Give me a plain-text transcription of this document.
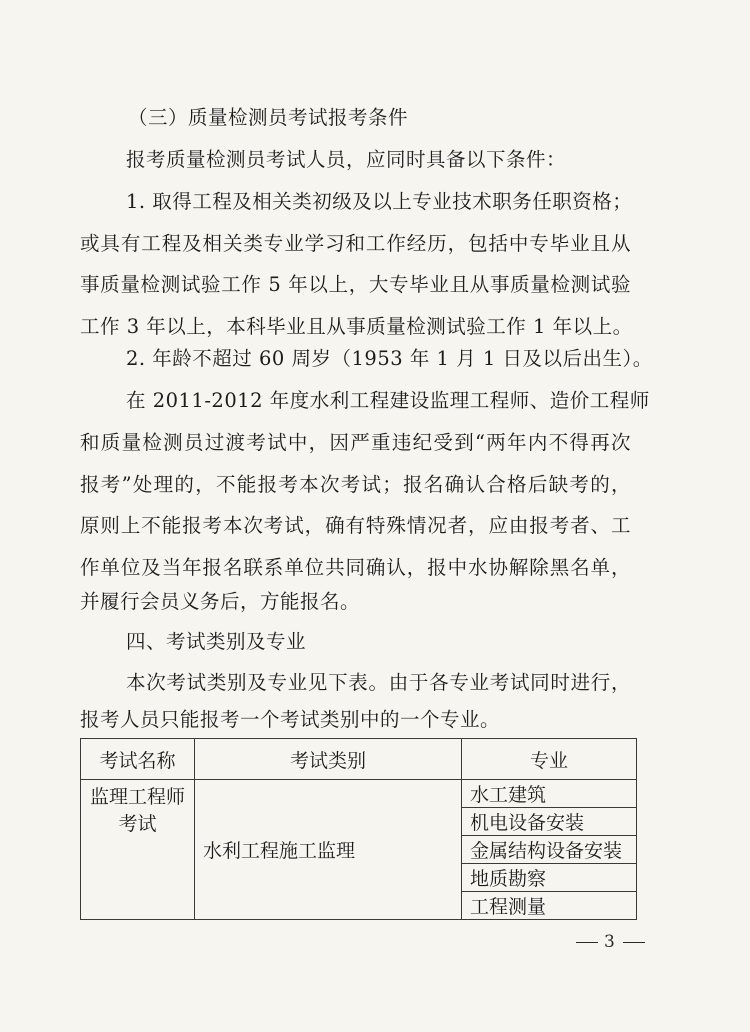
（三）质量检测员考试报考条件
报考质量检测员考试人员，应同时具备以下条件：
1. 取得工程及相关类初级及以上专业技术职务任职资格；
或具有工程及相关类专业学习和工作经历，包括中专毕业且从
事质量检测试验工作 5 年以上，大专毕业且从事质量检测试验
工作 3 年以上，本科毕业且从事质量检测试验工作 1 年以上。
2. 年龄不超过 60 周岁（1953 年 1 月 1 日及以后出生）。
在 2011-2012 年度水利工程建设监理工程师、造价工程师
和质量检测员过渡考试中，因严重违纪受到“两年内不得再次
报考”处理的，不能报考本次考试；报名确认合格后缺考的，
原则上不能报考本次考试，确有特殊情况者，应由报考者、工
作单位及当年报名联系单位共同确认，报中水协解除黑名单，
并履行会员义务后，方能报名。
四、考试类别及专业
本次考试类别及专业见下表。由于各专业考试同时进行，
报考人员只能报考一个考试类别中的一个专业。
考试名称	考试类别	专业

监理工程师
考试	水利工程施工监理	水工建筑
		机电设备安装
		金属结构设备安装
		地质勘察
		工程测量
3
